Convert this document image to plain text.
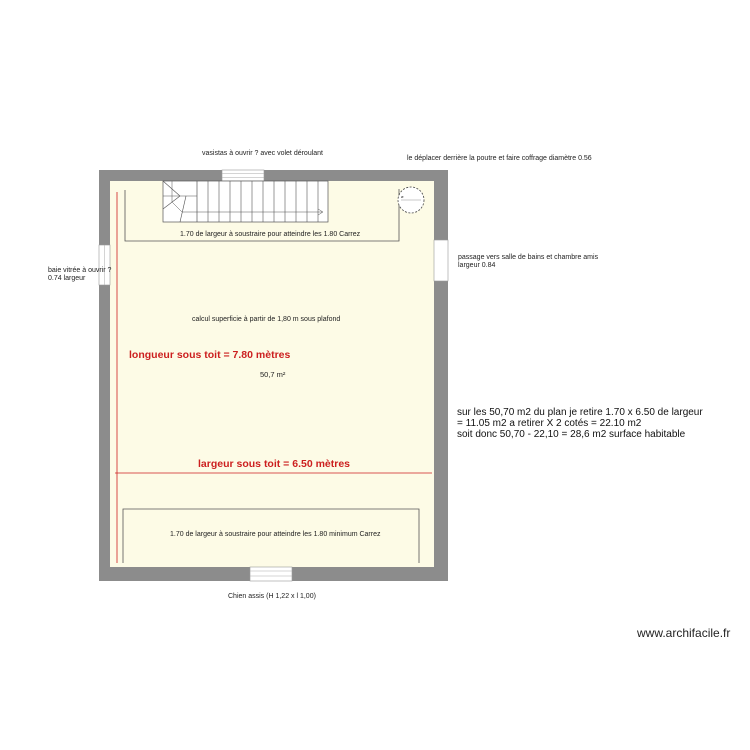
vasistas à ouvrir ? avec volet déroulant
le déplacer derrière la poutre et faire coffrage diamètre 0.56
⌀
baie vitrée à ouvrir ?
0.74 largeur
passage vers salle de bains et chambre amis
largeur 0.84
1.70 de largeur à soustraire pour atteindre les 1.80 Carrez
calcul superficie à partir de 1,80 m sous plafond
longueur sous toit = 7.80 mètres
50,7 m²
largeur sous toit = 6.50 mètres
1.70 de largeur à soustraire pour atteindre les 1.80 minimum Carrez
Chien assis (H 1,22 x l 1,00)
sur les 50,70 m2 du plan je retire 1.70 x 6.50 de largeur
= 11.05 m2 a retirer X 2 cotés = 22.10 m2
soit donc 50,70 - 22,10 = 28,6 m2 surface habitable
www.archifacile.fr
